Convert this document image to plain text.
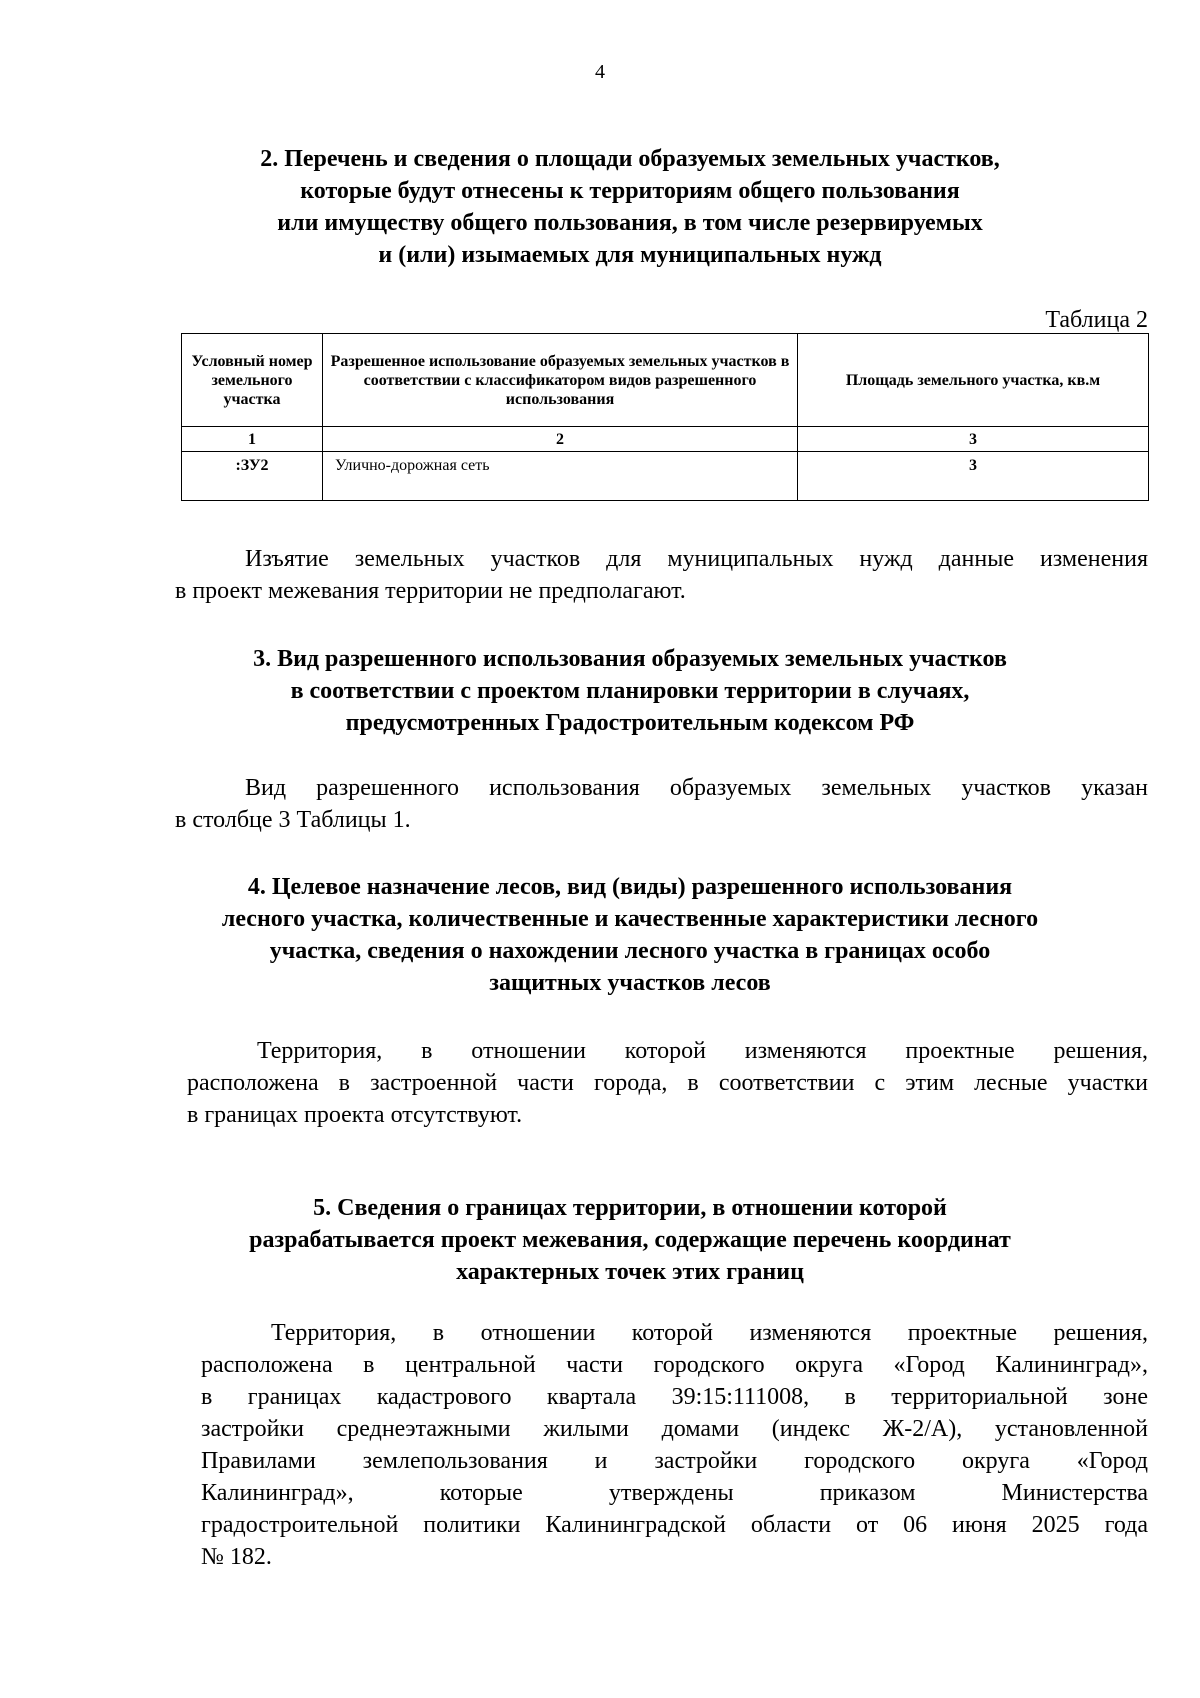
4
2. Перечень и сведения о площади образуемых земельных участков,
которые будут отнесены к территориям общего пользования
или имуществу общего пользования, в том числе резервируемых
и (или) изымаемых для муниципальных нужд
Таблица 2
Условный номер земельного участка	Разрешенное использование образуемых земельных участков в соответствии с классификатором видов разрешенного использования	Площадь земельного участка, кв.м
1	2	3
:ЗУ2	Улично-дорожная сеть	3
Изъятие земельных участков для муниципальных нужд данные изменения
в проект межевания территории не предполагают.
3. Вид разрешенного использования образуемых земельных участков
в соответствии с проектом планировки территории в случаях,
предусмотренных Градостроительным кодексом РФ
Вид разрешенного использования образуемых земельных участков указан
в столбце 3 Таблицы 1.
4. Целевое назначение лесов, вид (виды) разрешенного использования
лесного участка, количественные и качественные характеристики лесного
участка, сведения о нахождении лесного участка в границах особо
защитных участков лесов
Территория, в отношении которой изменяются проектные решения,
расположена в застроенной части города, в соответствии с этим лесные участки
в границах проекта отсутствуют.
5. Сведения о границах территории, в отношении которой
разрабатывается проект межевания, содержащие перечень координат
характерных точек этих границ
Территория, в отношении которой изменяются проектные решения,
расположена в центральной части городского округа «Город Калининград»,
в границах кадастрового квартала 39:15:111008, в территориальной зоне
застройки среднеэтажными жилыми домами (индекс Ж-2/А), установленной
Правилами землепользования и застройки городского округа «Город
Калининград», которые утверждены приказом Министерства
градостроительной политики Калининградской области от 06 июня 2025 года
№ 182.
